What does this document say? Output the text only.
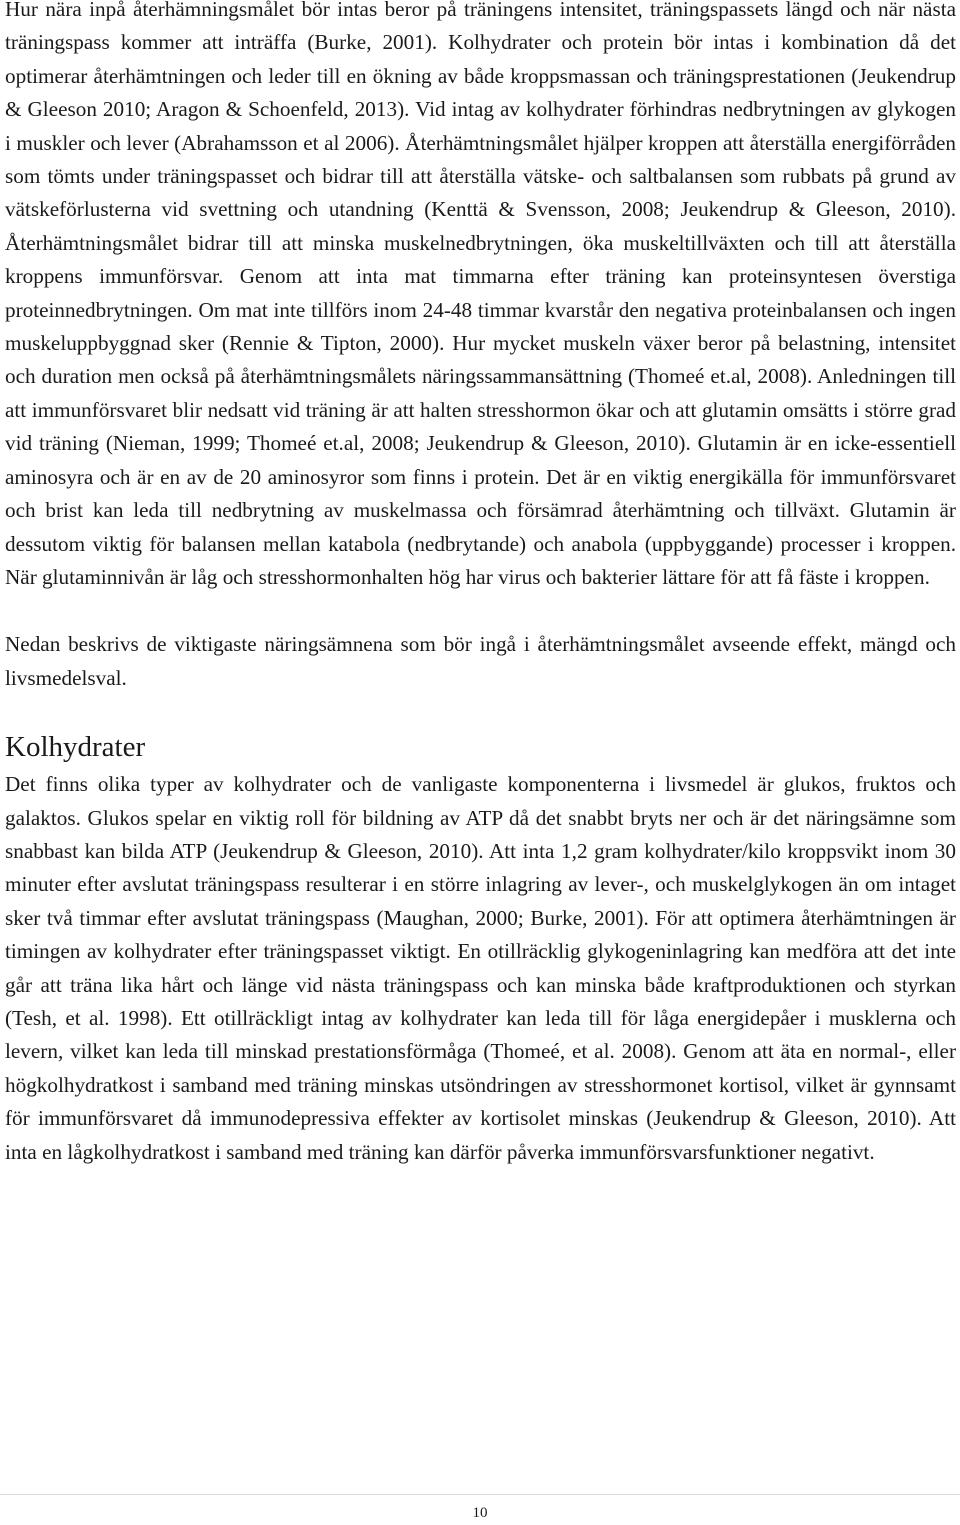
Hur nära inpå återhämningsmålet bör intas beror på träningens intensitet, träningspassets längd och när nästa träningspass kommer att inträffa (Burke, 2001). Kolhydrater och protein bör intas i kombination då det optimerar återhämtningen och leder till en ökning av både kroppsmassan och träningsprestationen (Jeukendrup & Gleeson 2010; Aragon & Schoenfeld, 2013). Vid intag av kolhydrater förhindras nedbrytningen av glykogen i muskler och lever (Abrahamsson et al 2006). Återhämtningsmålet hjälper kroppen att återställa energiförråden som tömts under träningspasset och bidrar till att återställa vätske- och saltbalansen som rubbats på grund av vätskeförlusterna vid svettning och utandning (Kenttä & Svensson, 2008; Jeukendrup & Gleeson, 2010). Återhämtningsmålet bidrar till att minska muskelnedbrytningen, öka muskeltillväxten och till att återställa kroppens immunförsvar. Genom att inta mat timmarna efter träning kan proteinsyntesen överstiga proteinnedbrytningen. Om mat inte tillförs inom 24-48 timmar kvarstår den negativa proteinbalansen och ingen muskeluppbyggnad sker (Rennie & Tipton, 2000). Hur mycket muskeln växer beror på belastning, intensitet och duration men också på återhämtningsmålets näringssammansättning (Thomeé et.al, 2008). Anledningen till att immunförsvaret blir nedsatt vid träning är att halten stresshormon ökar och att glutamin omsätts i större grad vid träning (Nieman, 1999; Thomeé et.al, 2008; Jeukendrup & Gleeson, 2010). Glutamin är en icke-essentiell aminosyra och är en av de 20 aminosyror som finns i protein. Det är en viktig energikälla för immunförsvaret och brist kan leda till nedbrytning av muskelmassa och försämrad återhämtning och tillväxt. Glutamin är dessutom viktig för balansen mellan katabola (nedbrytande) och anabola (uppbyggande) processer i kroppen. När glutaminnivån är låg och stresshormonhalten hög har virus och bakterier lättare för att få fäste i kroppen.

Nedan beskrivs de viktigaste näringsämnena som bör ingå i återhämtningsmålet avseende effekt, mängd och livsmedelsval.

Kolhydrater

Det finns olika typer av kolhydrater och de vanligaste komponenterna i livsmedel är glukos, fruktos och galaktos. Glukos spelar en viktig roll för bildning av ATP då det snabbt bryts ner och är det näringsämne som snabbast kan bilda ATP (Jeukendrup & Gleeson, 2010). Att inta 1,2 gram kolhydrater/kilo kroppsvikt inom 30 minuter efter avslutat träningspass resulterar i en större inlagring av lever-, och muskelglykogen än om intaget sker två timmar efter avslutat träningspass (Maughan, 2000; Burke, 2001). För att optimera återhämtningen är timingen av kolhydrater efter träningspasset viktigt. En otillräcklig glykogeninlagring kan medföra att det inte går att träna lika hårt och länge vid nästa träningspass och kan minska både kraftproduktionen och styrkan (Tesh, et al. 1998). Ett otillräckligt intag av kolhydrater kan leda till för låga energidepåer i musklerna och levern, vilket kan leda till minskad prestationsförmåga (Thomeé, et al. 2008). Genom att äta en normal-, eller högkolhydratkost i samband med träning minskas utsöndringen av stresshormonet kortisol, vilket är gynnsamt för immunförsvaret då immunodepressiva effekter av kortisolet minskas (Jeukendrup & Gleeson, 2010). Att inta en lågkolhydratkost i samband med träning kan därför påverka immunförsvarsfunktioner negativt.

10
